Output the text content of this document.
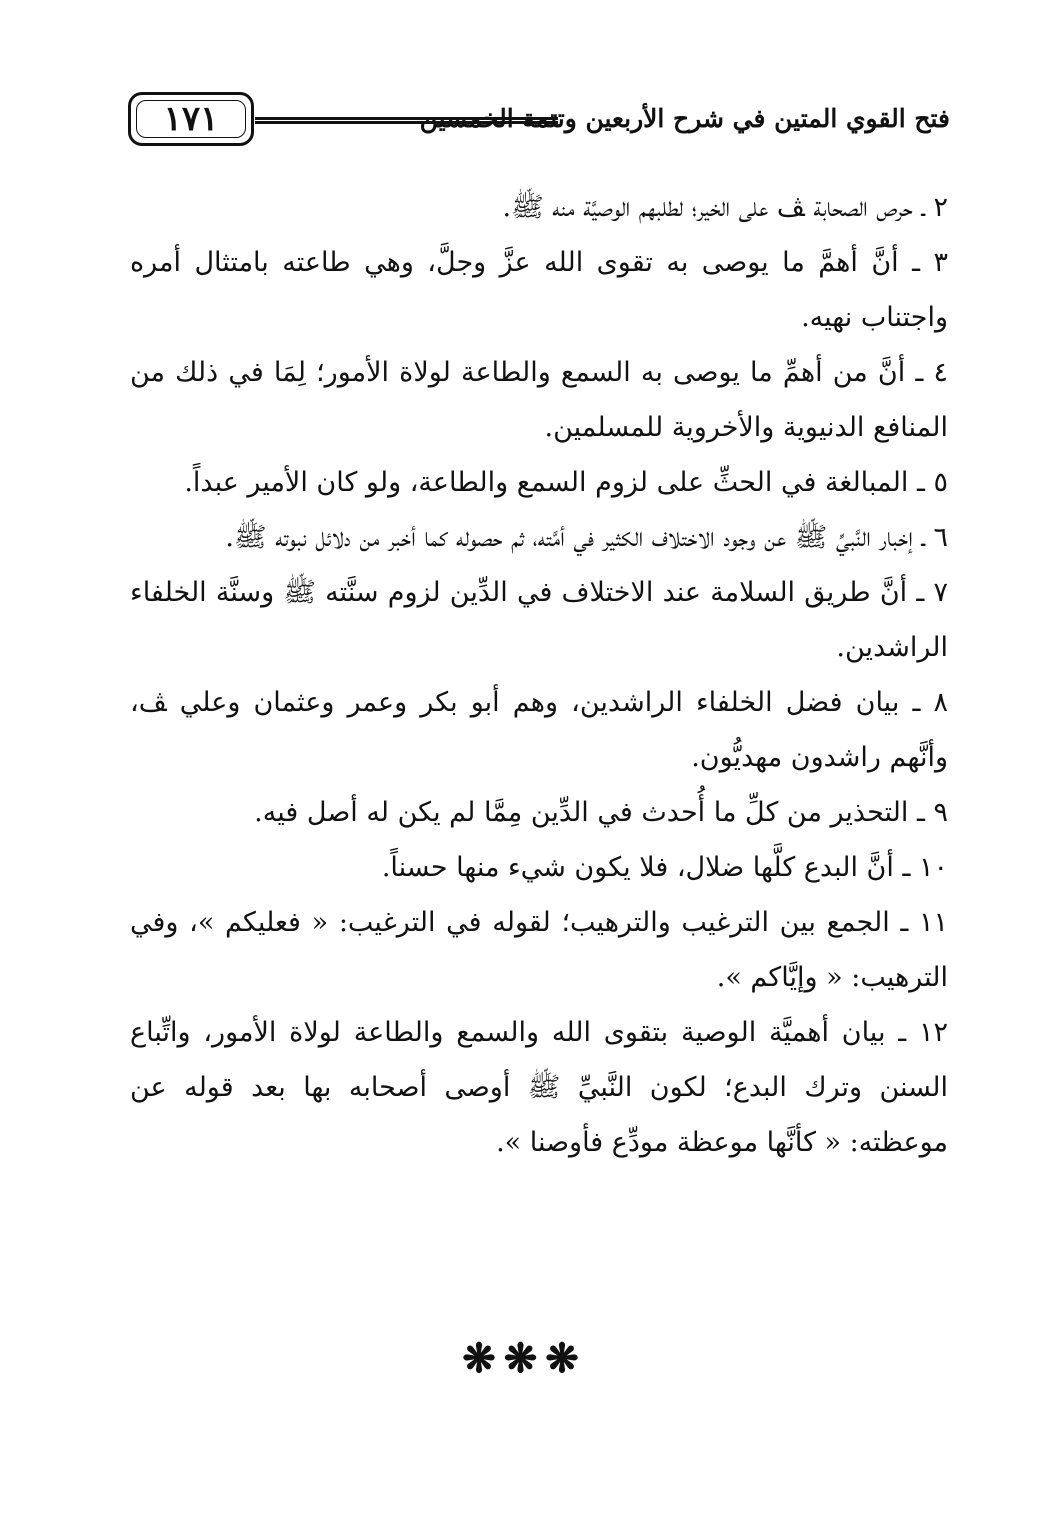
فتح القوي المتين في شرح الأربعين وتتمة الخمسين
١٧١

٢ ـ حرص الصحابة ﭫ على الخير؛ لطلبهم الوصيَّة منه ﷺ.

٣ ـ أنَّ أهمَّ ما يوصى به تقوى الله عزَّ وجلَّ، وهي طاعته بامتثال أمره واجتناب نهيه.

٤ ـ أنَّ من أهمِّ ما يوصى به السمع والطاعة لولاة الأمور؛ لِمَا في ذلك من المنافع الدنيوية والأخروية للمسلمين.

٥ ـ المبالغة في الحثِّ على لزوم السمع والطاعة، ولو كان الأمير عبداً.

٦ ـ إخبار النَّبيِّ ﷺ عن وجود الاختلاف الكثير في أمَّته، ثم حصوله كما أخبر من دلائل نبوته ﷺ.

٧ ـ أنَّ طريق السلامة عند الاختلاف في الدِّين لزوم سنَّته ﷺ وسنَّة الخلفاء الراشدين.

٨ ـ بيان فضل الخلفاء الراشدين، وهم أبو بكر وعمر وعثمان وعلي ﭫ، وأنَّهم راشدون مهديُّون.

٩ ـ التحذير من كلِّ ما أُحدث في الدِّين مِمَّا لم يكن له أصل فيه.

١٠ ـ أنَّ البدع كلَّها ضلال، فلا يكون شيء منها حسناً.

١١ ـ الجمع بين الترغيب والترهيب؛ لقوله في الترغيب: « فعليكم »، وفي الترهيب: « وإيَّاكم ».

١٢ ـ بيان أهميَّة الوصية بتقوى الله والسمع والطاعة لولاة الأمور، واتِّباع السنن وترك البدع؛ لكون النَّبيِّ ﷺ أوصى أصحابه بها بعد قوله عن موعظته: « كأنَّها موعظة مودِّع فأوصنا ».

❋❋❋
